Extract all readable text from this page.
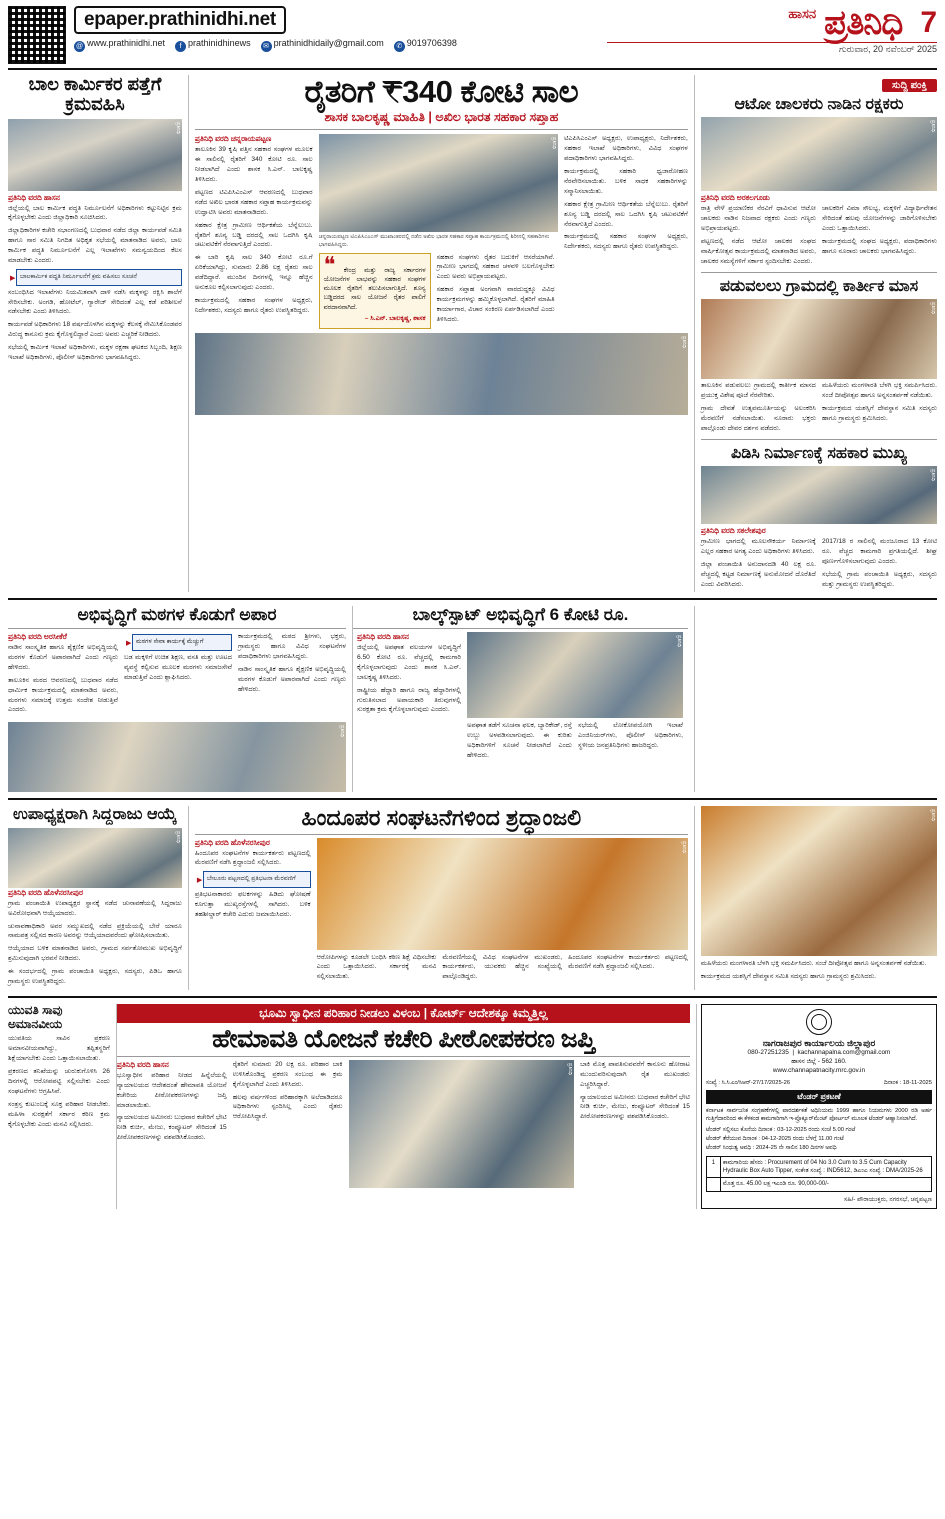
epaper.prathinidhi.net
@ www.prathinidhi.net	f prathinidhinews	✉ prathinidhidaily@gmail.com	✆ 9019706398
ಹಾಸನ ಪ್ರತಿನಿಧಿ 7
ಗುರುವಾರ, 20 ನವೆಂಬರ್ 2025
ಬಾಲ ಕಾರ್ಮಿಕರ ಪತ್ತೆಗೆ ಕ್ರಮವಹಿಸಿ
ಪ್ರತಿನಿಧಿ
ಪ್ರತಿನಿಧಿ ವರದಿ ಹಾಸನ

ಜಿಲ್ಲೆಯಲ್ಲಿ ಬಾಲ ಕಾರ್ಮಿಕ ಪದ್ಧತಿ ನಿರ್ಮೂಲನೆಗೆ ಅಧಿಕಾರಿಗಳು ಕಟ್ಟುನಿಟ್ಟಿನ ಕ್ರಮ ಕೈಗೊಳ್ಳಬೇಕು ಎಂದು ಜಿಲ್ಲಾಧಿಕಾರಿ ಸೂಚಿಸಿದರು.

ಜಿಲ್ಲಾಧಿಕಾರಿಗಳ ಕಚೇರಿ ಸಭಾಂಗಣದಲ್ಲಿ ಬುಧವಾರ ನಡೆದ ಜಿಲ್ಲಾ ಕಾರ್ಯಪಡೆ ಸಮಿತಿ ಹಾಗೂ ಸಾರ ಸಮಿತಿ ನಿಗದಿತ ಅಧಿಕೃತ ಸಭೆಯಲ್ಲಿ ಮಾತನಾಡಿದ ಅವರು, ಬಾಲ ಕಾರ್ಮಿಕ ಪದ್ಧತಿ ನಿರ್ಮೂಲನೆಗೆ ಎಲ್ಲ ಇಲಾಖೆಗಳು ಸಮನ್ವಯದಿಂದ ಕೆಲಸ ಮಾಡಬೇಕು ಎಂದರು.

▶ ಬಾಲಕಾರ್ಮಿಕ ಪದ್ಧತಿ ನಿರ್ಮೂಲನೆಗೆ ಕ್ರಮ ವಹಿಸಲು ಸೂಚನೆ

ಸಂಬಂಧಿಸಿದ ಇಲಾಖೆಗಳು ನಿಯಮಿತವಾಗಿ ದಾಳಿ ನಡೆಸಿ ಮಕ್ಕಳನ್ನು ರಕ್ಷಿಸಿ ಶಾಲೆಗೆ ಸೇರಿಸಬೇಕು. ಅಂಗಡಿ, ಹೋಟೆಲ್, ಗ್ಯಾರೇಜ್ ಸೇರಿದಂತೆ ಎಲ್ಲ ಕಡೆ ಪರಿಶೀಲನೆ ನಡೆಸಬೇಕು ಎಂದು ತಿಳಿಸಿದರು.

ಕಾರ್ಯಪಡೆ ಅಧಿಕಾರಿಗಳು 18 ವರ್ಷದೊಳಗಿನ ಮಕ್ಕಳನ್ನು ಕೆಲಸಕ್ಕೆ ನೇಮಿಸಿಕೊಂಡವರ ವಿರುದ್ಧ ಕಾನೂನು ಕ್ರಮ ಕೈಗೊಳ್ಳಲಿದ್ದಾರೆ ಎಂದು ಅವರು ಎಚ್ಚರಿಕೆ ನೀಡಿದರು.

ಸಭೆಯಲ್ಲಿ ಕಾರ್ಮಿಕ ಇಲಾಖೆ ಅಧಿಕಾರಿಗಳು, ಮಕ್ಕಳ ರಕ್ಷಣಾ ಘಟಕದ ಸಿಬ್ಬಂದಿ, ಶಿಕ್ಷಣ ಇಲಾಖೆ ಅಧಿಕಾರಿಗಳು, ಪೊಲೀಸ್ ಅಧಿಕಾರಿಗಳು ಭಾಗವಹಿಸಿದ್ದರು.

ರೈತರಿಗೆ ₹340 ಕೋಟಿ ಸಾಲ
ಶಾಸಕ ಬಾಲಕೃಷ್ಣ ಮಾಹಿತಿ | ಅಖಿಲ ಭಾರತ ಸಹಕಾರ ಸಪ್ತಾಹ
ಪ್ರತಿನಿಧಿ ವರದಿ ಚನ್ನರಾಯಪಟ್ಟಣ

ತಾಲೂಕಿನ 39 ಕೃಷಿ ಪತ್ತಿನ ಸಹಕಾರ ಸಂಘಗಳ ಮೂಲಕ ಈ ಸಾಲಿನಲ್ಲಿ ರೈತರಿಗೆ 340 ಕೋಟಿ ರೂ. ಸಾಲ ನೀಡಲಾಗಿದೆ ಎಂದು ಶಾಸಕ ಸಿ.ಎನ್. ಬಾಲಕೃಷ್ಣ ತಿಳಿಸಿದರು.

ಪಟ್ಟಣದ ಟಿಎಪಿಸಿಎಂಎಸ್ ಆವರಣದಲ್ಲಿ ಬುಧವಾರ ನಡೆದ ಅಖಿಲ ಭಾರತ ಸಹಕಾರ ಸಪ್ತಾಹ ಕಾರ್ಯಕ್ರಮವನ್ನು ಉದ್ಘಾಟಿಸಿ ಅವರು ಮಾತನಾಡಿದರು.

ಸಹಕಾರ ಕ್ಷೇತ್ರ ಗ್ರಾಮೀಣ ಆರ್ಥಿಕತೆಯ ಬೆನ್ನೆಲುಬು. ರೈತರಿಗೆ ಶೂನ್ಯ ಬಡ್ಡಿ ದರದಲ್ಲಿ ಸಾಲ ಒದಗಿಸಿ ಕೃಷಿ ಚಟುವಟಿಕೆಗೆ ನೆರವಾಗುತ್ತಿದೆ ಎಂದರು.

ಈ ಬಾರಿ ಕೃಷಿ ಸಾಲ 340 ಕೋಟಿ ರೂ.ಗೆ ಏರಿಕೆಯಾಗಿದ್ದು, ಸುಮಾರು 2.86 ಲಕ್ಷ ರೈತರು ಸಾಲ ಪಡೆದಿದ್ದಾರೆ. ಮುಂದಿನ ದಿನಗಳಲ್ಲಿ ಇನ್ನೂ ಹೆಚ್ಚಿನ ಅನುಕೂಲ ಕಲ್ಪಿಸಲಾಗುವುದು ಎಂದರು.

ಕಾರ್ಯಕ್ರಮದಲ್ಲಿ ಸಹಕಾರ ಸಂಘಗಳ ಅಧ್ಯಕ್ಷರು, ನಿರ್ದೇಶಕರು, ಸದಸ್ಯರು ಹಾಗೂ ರೈತರು ಉಪಸ್ಥಿತರಿದ್ದರು.

ಪ್ರತಿನಿಧಿ
ಚನ್ನರಾಯಪಟ್ಟಣ ಟಿಎಪಿಸಿಎಂಎಸ್ ಮುಖಾಂತರದಲ್ಲಿ ನಡೆದ ಅಖಿಲ ಭಾರತ ಸಹಕಾರ ಸಪ್ತಾಹ ಕಾರ್ಯಕ್ರಮದಲ್ಲಿ ಶಿರೀನಲ್ಲಿ ಸಹಕಾರಿಗಳು ಭಾಗವಹಿಸಿದ್ದರು.
❝ ಕೇಂದ್ರ ಮತ್ತು ರಾಜ್ಯ ಸರ್ಕಾರಗಳ ಯೋಜನೆಗಳ ಲಾಭವನ್ನು ಸಹಕಾರ ಸಂಘಗಳ ಮೂಲಕ ರೈತರಿಗೆ ತಲುಪಿಸಲಾಗುತ್ತಿದೆ. ಶೂನ್ಯ ಬಡ್ಡಿದರದ ಸಾಲ ಯೋಜನೆ ರೈತರ ಪಾಲಿಗೆ ವರದಾನವಾಗಿದೆ.
– ಸಿ.ಎನ್. ಬಾಲಕೃಷ್ಣ, ಶಾಸಕ

ಸಹಕಾರ ಸಂಘಗಳು ರೈತರ ಬದುಕಿಗೆ ಆಸರೆಯಾಗಿವೆ. ಗ್ರಾಮೀಣ ಭಾಗದಲ್ಲಿ ಸಹಕಾರ ಚಳವಳಿ ಬಲಗೊಳ್ಳಬೇಕು ಎಂದು ಅವರು ಅಭಿಪ್ರಾಯಪಟ್ಟರು.

ಸಹಕಾರ ಸಪ್ತಾಹ ಅಂಗವಾಗಿ ವಾರದುದ್ದಕ್ಕೂ ವಿವಿಧ ಕಾರ್ಯಕ್ರಮಗಳನ್ನು ಹಮ್ಮಿಕೊಳ್ಳಲಾಗಿದೆ. ರೈತರಿಗೆ ಮಾಹಿತಿ ಕಾರ್ಯಾಗಾರ, ವಿಚಾರ ಸಂಕಿರಣ ಏರ್ಪಡಿಸಲಾಗಿದೆ ಎಂದು ತಿಳಿಸಿದರು.

ಟಿಎಪಿಸಿಎಂಎಸ್ ಅಧ್ಯಕ್ಷರು, ಉಪಾಧ್ಯಕ್ಷರು, ನಿರ್ದೇಶಕರು, ಸಹಕಾರ ಇಲಾಖೆ ಅಧಿಕಾರಿಗಳು, ವಿವಿಧ ಸಂಘಗಳ ಪದಾಧಿಕಾರಿಗಳು ಭಾಗವಹಿಸಿದ್ದರು.

ಕಾರ್ಯಕ್ರಮದಲ್ಲಿ ಸಹಕಾರಿ ಧ್ವಜಾರೋಹಣ ನೆರವೇರಿಸಲಾಯಿತು. ಬಳಿಕ ಸಾಧಕ ಸಹಕಾರಿಗಳನ್ನು ಸನ್ಮಾನಿಸಲಾಯಿತು.

ಸಹಕಾರ ಕ್ಷೇತ್ರ ಗ್ರಾಮೀಣ ಆರ್ಥಿಕತೆಯ ಬೆನ್ನೆಲುಬು. ರೈತರಿಗೆ ಶೂನ್ಯ ಬಡ್ಡಿ ದರದಲ್ಲಿ ಸಾಲ ಒದಗಿಸಿ ಕೃಷಿ ಚಟುವಟಿಕೆಗೆ ನೆರವಾಗುತ್ತಿದೆ ಎಂದರು.

ಕಾರ್ಯಕ್ರಮದಲ್ಲಿ ಸಹಕಾರ ಸಂಘಗಳ ಅಧ್ಯಕ್ಷರು, ನಿರ್ದೇಶಕರು, ಸದಸ್ಯರು ಹಾಗೂ ರೈತರು ಉಪಸ್ಥಿತರಿದ್ದರು.

ಪ್ರತಿನಿಧಿ
ಸುದ್ದಿ ಪಂಕ್ತಿ
ಆಟೋ ಚಾಲಕರು ನಾಡಿನ ರಕ್ಷಕರು
ಪ್ರತಿನಿಧಿ
ಪ್ರತಿನಿಧಿ ವರದಿ ಅರಕಲಗೂಡು

ರಾತ್ರಿ ವೇಳೆ ಪ್ರಯಾಣಿಕರ ನೆರವಿಗೆ ಧಾವಿಸುವ ಆಟೋ ಚಾಲಕರು ನಾಡಿನ ನಿಜವಾದ ರಕ್ಷಕರು ಎಂದು ಗಣ್ಯರು ಅಭಿಪ್ರಾಯಪಟ್ಟರು.

ಪಟ್ಟಣದಲ್ಲಿ ನಡೆದ ಆಟೋ ಚಾಲಕರ ಸಂಘದ ವಾರ್ಷಿಕೋತ್ಸವ ಕಾರ್ಯಕ್ರಮದಲ್ಲಿ ಮಾತನಾಡಿದ ಅವರು, ಚಾಲಕರ ಸಮಸ್ಯೆಗಳಿಗೆ ಸರ್ಕಾರ ಸ್ಪಂದಿಸಬೇಕು ಎಂದರು.

ಚಾಲಕರಿಗೆ ವಿಮಾ ಸೌಲಭ್ಯ, ಮಕ್ಕಳಿಗೆ ವಿದ್ಯಾರ್ಥಿವೇತನ ಸೇರಿದಂತೆ ಹಲವು ಯೋಜನೆಗಳನ್ನು ಜಾರಿಗೊಳಿಸಬೇಕು ಎಂದು ಒತ್ತಾಯಿಸಿದರು.

ಕಾರ್ಯಕ್ರಮದಲ್ಲಿ ಸಂಘದ ಅಧ್ಯಕ್ಷರು, ಪದಾಧಿಕಾರಿಗಳು ಹಾಗೂ ನೂರಾರು ಚಾಲಕರು ಭಾಗವಹಿಸಿದ್ದರು.

ಪಡುವಲಲು ಗ್ರಾಮದಲ್ಲಿ ಕಾರ್ತೀಕ ಮಾಸ
ಪ್ರತಿನಿಧಿ

ತಾಲೂಕಿನ ಪಡುವಲಲು ಗ್ರಾಮದಲ್ಲಿ ಕಾರ್ತೀಕ ಮಾಸದ ಪ್ರಯುಕ್ತ ವಿಶೇಷ ಪೂಜೆ ನೆರವೇರಿತು.

ಗ್ರಾಮ ದೇವತೆ ಉತ್ಸವಮೂರ್ತಿಯನ್ನು ಅಲಂಕರಿಸಿ ಮೆರವಣಿಗೆ ನಡೆಸಲಾಯಿತು. ನೂರಾರು ಭಕ್ತರು ಪಾಲ್ಗೊಂಡು ದೇವರ ದರ್ಶನ ಪಡೆದರು.

ಮಹಿಳೆಯರು ಮಂಗಳಾರತಿ ಬೆಳಗಿ ಭಕ್ತಿ ಸಮರ್ಪಿಸಿದರು. ಸಂಜೆ ದೀಪೋತ್ಸವ ಹಾಗೂ ಅನ್ನಸಂತರ್ಪಣೆ ನಡೆಯಿತು.

ಕಾರ್ಯಕ್ರಮದ ಯಶಸ್ಸಿಗೆ ದೇವಸ್ಥಾನ ಸಮಿತಿ ಸದಸ್ಯರು ಹಾಗೂ ಗ್ರಾಮಸ್ಥರು ಶ್ರಮಿಸಿದರು.

ಪಿಡಿಸಿ ನಿರ್ಮಾಣಕ್ಕೆ ಸಹಕಾರ ಮುಖ್ಯ
ಪ್ರತಿನಿಧಿ
ಪ್ರತಿನಿಧಿ ವರದಿ ಸಕಲೇಶಪುರ

ಗ್ರಾಮೀಣ ಭಾಗದಲ್ಲಿ ಮೂಲಸೌಕರ್ಯ ನಿರ್ಮಾಣಕ್ಕೆ ಎಲ್ಲರ ಸಹಕಾರ ಅಗತ್ಯ ಎಂದು ಅಧಿಕಾರಿಗಳು ತಿಳಿಸಿದರು.

ಜಿಲ್ಲಾ ಪಂಚಾಯಿತಿ ಅನುದಾನದಡಿ 40 ಲಕ್ಷ ರೂ. ವೆಚ್ಚದಲ್ಲಿ ಕಟ್ಟಡ ನಿರ್ಮಾಣಕ್ಕೆ ಅನುಮೋದನೆ ದೊರೆತಿದೆ ಎಂದು ವಿವರಿಸಿದರು.

2017/18 ರ ಸಾಲಿನಲ್ಲಿ ಮಂಜೂರಾದ 13 ಕೋಟಿ ರೂ. ವೆಚ್ಚದ ಕಾಮಗಾರಿ ಪ್ರಗತಿಯಲ್ಲಿದೆ. ಶೀಘ್ರ ಪೂರ್ಣಗೊಳಿಸಲಾಗುವುದು ಎಂದರು.

ಸಭೆಯಲ್ಲಿ ಗ್ರಾಮ ಪಂಚಾಯಿತಿ ಅಧ್ಯಕ್ಷರು, ಸದಸ್ಯರು ಮತ್ತು ಗ್ರಾಮಸ್ಥರು ಉಪಸ್ಥಿತರಿದ್ದರು.

ಅಭಿವೃದ್ಧಿಗೆ ಮಠಗಳ ಕೊಡುಗೆ ಅಪಾರ
ಪ್ರತಿನಿಧಿ ವರದಿ ಅರಸೀಕೆರೆ

ನಾಡಿನ ಸಾಂಸ್ಕೃತಿಕ ಹಾಗೂ ಶೈಕ್ಷಣಿಕ ಅಭಿವೃದ್ಧಿಯಲ್ಲಿ ಮಠಗಳ ಕೊಡುಗೆ ಅಪಾರವಾಗಿದೆ ಎಂದು ಗಣ್ಯರು ಹೇಳಿದರು.

ತಾಲೂಕಿನ ಮಠದ ಆವರಣದಲ್ಲಿ ಬುಧವಾರ ನಡೆದ ಧಾರ್ಮಿಕ ಕಾರ್ಯಕ್ರಮದಲ್ಲಿ ಮಾತನಾಡಿದ ಅವರು, ಮಠಗಳು ಸಮಾಜಕ್ಕೆ ಉತ್ತಮ ಸಂದೇಶ ನೀಡುತ್ತಿವೆ ಎಂದರು.

▶ ಮಠಗಳ ಸೇವಾ ಕಾರ್ಯಕ್ಕೆ ಮೆಚ್ಚುಗೆ

ಬಡ ಮಕ್ಕಳಿಗೆ ಉಚಿತ ಶಿಕ್ಷಣ, ವಸತಿ ಮತ್ತು ಊಟದ ವ್ಯವಸ್ಥೆ ಕಲ್ಪಿಸುವ ಮೂಲಕ ಮಠಗಳು ಸಮಾಜಸೇವೆ ಮಾಡುತ್ತಿವೆ ಎಂದು ಶ್ಲಾಘಿಸಿದರು.

ಕಾರ್ಯಕ್ರಮದಲ್ಲಿ ಮಠದ ಶ್ರೀಗಳು, ಭಕ್ತರು, ಗ್ರಾಮಸ್ಥರು ಹಾಗೂ ವಿವಿಧ ಸಂಘಟನೆಗಳ ಪದಾಧಿಕಾರಿಗಳು ಭಾಗವಹಿಸಿದ್ದರು.

ನಾಡಿನ ಸಾಂಸ್ಕೃತಿಕ ಹಾಗೂ ಶೈಕ್ಷಣಿಕ ಅಭಿವೃದ್ಧಿಯಲ್ಲಿ ಮಠಗಳ ಕೊಡುಗೆ ಅಪಾರವಾಗಿದೆ ಎಂದು ಗಣ್ಯರು ಹೇಳಿದರು.

ಪ್ರತಿನಿಧಿ
ಬಾಲ್ಕ್‌ಸ್ಪಾಟ್ ಅಭಿವೃದ್ಧಿಗೆ 6 ಕೋಟಿ ರೂ.
ಪ್ರತಿನಿಧಿ ವರದಿ ಹಾಸನ

ಜಿಲ್ಲೆಯಲ್ಲಿ ಅಪಘಾತ ವಲಯಗಳ ಅಭಿವೃದ್ಧಿಗೆ 6.50 ಕೋಟಿ ರೂ. ವೆಚ್ಚದಲ್ಲಿ ಕಾಮಗಾರಿ ಕೈಗೊಳ್ಳಲಾಗುವುದು ಎಂದು ಶಾಸಕ ಸಿ.ಎನ್. ಬಾಲಕೃಷ್ಣ ತಿಳಿಸಿದರು.

ರಾಷ್ಟ್ರೀಯ ಹೆದ್ದಾರಿ ಹಾಗೂ ರಾಜ್ಯ ಹೆದ್ದಾರಿಗಳಲ್ಲಿ ಗುರುತಿಸಲಾದ ಅಪಾಯಕಾರಿ ತಿರುವುಗಳಲ್ಲಿ ಸುರಕ್ಷತಾ ಕ್ರಮ ಕೈಗೊಳ್ಳಲಾಗುವುದು ಎಂದರು.

ಪ್ರತಿನಿಧಿ

ಅಪಘಾತ ತಡೆಗೆ ಸೂಚನಾ ಫಲಕ, ಬ್ಯಾರಿಕೇಡ್, ರಸ್ತೆ ಉಬ್ಬು ಅಳವಡಿಸಲಾಗುವುದು. ಈ ಕುರಿತು ಅಧಿಕಾರಿಗಳಿಗೆ ಸೂಚನೆ ನೀಡಲಾಗಿದೆ ಎಂದು ಹೇಳಿದರು.

ಸಭೆಯಲ್ಲಿ ಲೋಕೋಪಯೋಗಿ ಇಲಾಖೆ ಎಂಜಿನಿಯರ್‌ಗಳು, ಪೊಲೀಸ್ ಅಧಿಕಾರಿಗಳು, ಸ್ಥಳೀಯ ಜನಪ್ರತಿನಿಧಿಗಳು ಹಾಜರಿದ್ದರು.

ಉಪಾಧ್ಯಕ್ಷರಾಗಿ ಸಿದ್ದರಾಜು ಆಯ್ಕೆ
ಪ್ರತಿನಿಧಿ
ಪ್ರತಿನಿಧಿ ವರದಿ ಹೊಳೆನರಸೀಪುರ

ಗ್ರಾಮ ಪಂಚಾಯಿತಿ ಉಪಾಧ್ಯಕ್ಷರ ಸ್ಥಾನಕ್ಕೆ ನಡೆದ ಚುನಾವಣೆಯಲ್ಲಿ ಸಿದ್ದರಾಜು ಅವಿರೋಧವಾಗಿ ಆಯ್ಕೆಯಾದರು.

ಚುನಾವಣಾಧಿಕಾರಿ ಅವರ ಸಮ್ಮುಖದಲ್ಲಿ ನಡೆದ ಪ್ರಕ್ರಿಯೆಯಲ್ಲಿ ಬೇರೆ ಯಾರೂ ನಾಮಪತ್ರ ಸಲ್ಲಿಸದ ಕಾರಣ ಅವರನ್ನು ಆಯ್ಕೆಯಾದವರೆಂದು ಘೋಷಿಸಲಾಯಿತು.

ಆಯ್ಕೆಯಾದ ಬಳಿಕ ಮಾತನಾಡಿದ ಅವರು, ಗ್ರಾಮದ ಸರ್ವತೋಮುಖ ಅಭಿವೃದ್ಧಿಗೆ ಶ್ರಮಿಸುವುದಾಗಿ ಭರವಸೆ ನೀಡಿದರು.

ಈ ಸಂದರ್ಭದಲ್ಲಿ ಗ್ರಾಮ ಪಂಚಾಯಿತಿ ಅಧ್ಯಕ್ಷರು, ಸದಸ್ಯರು, ಪಿಡಿಒ ಹಾಗೂ ಗ್ರಾಮಸ್ಥರು ಉಪಸ್ಥಿತರಿದ್ದರು.

ಹಿಂದೂಪರ ಸಂಘಟನೆಗಳಿಂದ ಶ್ರದ್ಧಾಂಜಲಿ
ಪ್ರತಿನಿಧಿ ವರದಿ ಹೊಳೆನರಸೀಪುರ

ಹಿಂದೂಪರ ಸಂಘಟನೆಗಳ ಕಾರ್ಯಕರ್ತರು ಪಟ್ಟಣದಲ್ಲಿ ಮೆರವಣಿಗೆ ನಡೆಸಿ ಶ್ರದ್ಧಾಂಜಲಿ ಸಲ್ಲಿಸಿದರು.

▶ ಬೇಲೂರು ಪಟ್ಟಣದಲ್ಲಿ ಪ್ರತಿಭಟನಾ ಮೆರವಣಿಗೆ

ಪ್ರತಿಭಟನಾಕಾರರು ಫಲಕಗಳನ್ನು ಹಿಡಿದು ಘೋಷಣೆ ಕೂಗುತ್ತಾ ಮುಖ್ಯರಸ್ತೆಗಳಲ್ಲಿ ಸಾಗಿದರು. ಬಳಿಕ ತಹಶೀಲ್ದಾರ್ ಕಚೇರಿ ಎದುರು ಜಮಾಯಿಸಿದರು.

ಪ್ರತಿನಿಧಿ

ಆರೋಪಿಗಳನ್ನು ಕೂಡಲೇ ಬಂಧಿಸಿ ಕಠಿಣ ಶಿಕ್ಷೆ ವಿಧಿಸಬೇಕು ಎಂದು ಒತ್ತಾಯಿಸಿದರು. ಸರ್ಕಾರಕ್ಕೆ ಮನವಿ ಸಲ್ಲಿಸಲಾಯಿತು.

ಮೆರವಣಿಗೆಯಲ್ಲಿ ವಿವಿಧ ಸಂಘಟನೆಗಳ ಮುಖಂಡರು, ಕಾರ್ಯಕರ್ತರು, ಯುವಕರು ಹೆಚ್ಚಿನ ಸಂಖ್ಯೆಯಲ್ಲಿ ಪಾಲ್ಗೊಂಡಿದ್ದರು.

ಹಿಂದೂಪರ ಸಂಘಟನೆಗಳ ಕಾರ್ಯಕರ್ತರು ಪಟ್ಟಣದಲ್ಲಿ ಮೆರವಣಿಗೆ ನಡೆಸಿ ಶ್ರದ್ಧಾಂಜಲಿ ಸಲ್ಲಿಸಿದರು.

ಪ್ರತಿನಿಧಿ

ಮಹಿಳೆಯರು ಮಂಗಳಾರತಿ ಬೆಳಗಿ ಭಕ್ತಿ ಸಮರ್ಪಿಸಿದರು. ಸಂಜೆ ದೀಪೋತ್ಸವ ಹಾಗೂ ಅನ್ನಸಂತರ್ಪಣೆ ನಡೆಯಿತು.

ಕಾರ್ಯಕ್ರಮದ ಯಶಸ್ಸಿಗೆ ದೇವಸ್ಥಾನ ಸಮಿತಿ ಸದಸ್ಯರು ಹಾಗೂ ಗ್ರಾಮಸ್ಥರು ಶ್ರಮಿಸಿದರು.

ಯುವತಿ ಸಾವು ಅಮಾನವೀಯ

ಯುವತಿಯ ಸಾವಿನ ಪ್ರಕರಣ ಅಮಾನವೀಯವಾಗಿದ್ದು, ತಪ್ಪಿತಸ್ಥರಿಗೆ ಶಿಕ್ಷೆಯಾಗಬೇಕು ಎಂದು ಒತ್ತಾಯಿಸಲಾಯಿತು.

ಪ್ರಕರಣದ ತನಿಖೆಯನ್ನು ಚುರುಕುಗೊಳಿಸಿ 26 ದಿನಗಳಲ್ಲಿ ಆರೋಪಪಟ್ಟಿ ಸಲ್ಲಿಸಬೇಕು ಎಂದು ಸಂಘಟನೆಗಳು ಆಗ್ರಹಿಸಿವೆ.

ಸಂತ್ರಸ್ತ ಕುಟುಂಬಕ್ಕೆ ಸೂಕ್ತ ಪರಿಹಾರ ನೀಡಬೇಕು. ಮಹಿಳಾ ಸುರಕ್ಷತೆಗೆ ಸರ್ಕಾರ ಕಠಿಣ ಕ್ರಮ ಕೈಗೊಳ್ಳಬೇಕು ಎಂದು ಮನವಿ ಸಲ್ಲಿಸಿದರು.

ಭೂಮಿ ಸ್ವಾಧೀನ ಪರಿಹಾರ ನೀಡಲು ವಿಳಂಬ | ಕೋರ್ಟ್ ಆದೇಶಕ್ಕೂ ಕಿಮ್ಮತ್ತಿಲ್ಲ
ಹೇಮಾವತಿ ಯೋಜನೆ ಕಚೇರಿ ಪೀಠೋಪಕರಣ ಜಪ್ತಿ
ಪ್ರತಿನಿಧಿ ವರದಿ ಹಾಸನ

ಭೂಸ್ವಾಧೀನ ಪರಿಹಾರ ನೀಡದ ಹಿನ್ನೆಲೆಯಲ್ಲಿ ನ್ಯಾಯಾಲಯದ ಆದೇಶದಂತೆ ಹೇಮಾವತಿ ಯೋಜನೆ ಕಚೇರಿಯ ಪೀಠೋಪಕರಣಗಳನ್ನು ಜಪ್ತಿ ಮಾಡಲಾಯಿತು.

ನ್ಯಾಯಾಲಯದ ಅಮೀನರು ಬುಧವಾರ ಕಚೇರಿಗೆ ಭೇಟಿ ನೀಡಿ ಕುರ್ಚಿ, ಮೇಜು, ಕಂಪ್ಯೂಟರ್ ಸೇರಿದಂತೆ 15 ಪೀಠೋಪಕರಣಗಳನ್ನು ವಶಪಡಿಸಿಕೊಂಡರು.

ರೈತರಿಗೆ ಸುಮಾರು 20 ಲಕ್ಷ ರೂ. ಪರಿಹಾರ ಬಾಕಿ ಉಳಿಸಿಕೊಂಡಿದ್ದ ಪ್ರಕರಣ ಸಂಬಂಧ ಈ ಕ್ರಮ ಕೈಗೊಳ್ಳಲಾಗಿದೆ ಎಂದು ತಿಳಿಸಿದರು.

ಹಲವು ವರ್ಷಗಳಿಂದ ಪರಿಹಾರಕ್ಕಾಗಿ ಅಲೆದಾಡಿದರೂ ಅಧಿಕಾರಿಗಳು ಸ್ಪಂದಿಸಿಲ್ಲ ಎಂದು ರೈತರು ಆರೋಪಿಸಿದ್ದಾರೆ.

ಪ್ರತಿನಿಧಿ ಬಾಕಿ ಮೊತ್ತ ಪಾವತಿಸುವವರೆಗೆ ಕಾನೂನು ಹೋರಾಟ ಮುಂದುವರಿಸುವುದಾಗಿ ರೈತ ಮುಖಂಡರು ಎಚ್ಚರಿಸಿದ್ದಾರೆ.

ನ್ಯಾಯಾಲಯದ ಅಮೀನರು ಬುಧವಾರ ಕಚೇರಿಗೆ ಭೇಟಿ ನೀಡಿ ಕುರ್ಚಿ, ಮೇಜು, ಕಂಪ್ಯೂಟರ್ ಸೇರಿದಂತೆ 15 ಪೀಠೋಪಕರಣಗಳನ್ನು ವಶಪಡಿಸಿಕೊಂಡರು.

ನಾಗರಾಜಪುರ ಕಾರ್ಯಾಲಯ ಜಿಲ್ಲಾಪುರ
080-27251235  |  kachannapalna.com@gmail.com
ಹಾಸನ ಜಿಲ್ಲೆ - 562 160.
www.channapatnacity.mrc.gov.in
ಸಂಖ್ಯೆ : ಸಿ.ಸಿ.ಎಂ/ಸಿಆರ್-27/17/2025-26	ದಿನಾಂಕ : 18-11-2025
ಟೆಂಡರ್ ಪ್ರಕಟಣೆ
ಕರ್ನಾಟಕ ಸಾರ್ವಜನಿಕ ಸಂಗ್ರಹಣೆಗಳಲ್ಲಿ ಪಾರದರ್ಶಕತೆ ಅಧಿನಿಯಮ 1999 ಹಾಗೂ ನಿಯಮಗಳು 2000 ರಡಿ ಅರ್ಹ ಗುತ್ತಿಗೆದಾರರಿಂದ ಈ ಕೆಳಕಂಡ ಕಾಮಗಾರಿಗಾಗಿ ಇ-ಪ್ರೊಕ್ಯೂರ್‌ಮೆಂಟ್ ಪೋರ್ಟಲ್ ಮೂಲಕ ಟೆಂಡರ್ ಆಹ್ವಾನಿಸಲಾಗಿದೆ.
ಟೆಂಡರ್ ಸಲ್ಲಿಸಲು ಕೊನೆಯ ದಿನಾಂಕ : 03-12-2025 ರಂದು ಸಂಜೆ 5.00 ಗಂಟೆ
ಟೆಂಡರ್ ತೆರೆಯುವ ದಿನಾಂಕ : 04-12-2025 ರಂದು ಬೆಳಗ್ಗೆ 11.00 ಗಂಟೆ
ಟೆಂಡರ್ ಸಿಂಧುತ್ವ ಅವಧಿ : 2024-25 ನೇ ಸಾಲಿನ 180 ದಿನಗಳ ಅವಧಿ
1	ಕಾಮಗಾರಿಯ ಹೆಸರು : Procurement of 04 No 3.0 Cum to 3.5 Cum Capacity Hydraulic Box Auto Tipper, ಸಂಕೇತ ಸಂಖ್ಯೆ : IND5612, ಡಿಎಂಎ ಸಂಖ್ಯೆ : DMA/2025-26
	ಮೊತ್ತ ರೂ. 45.00 ಲಕ್ಷ ಇಎಂಡಿ ರೂ. 90,000-00/-
ಸಹಿ/- ಪೌರಾಯುಕ್ತರು, ನಗರಸಭೆ, ಚನ್ನಪಟ್ಟಣ
